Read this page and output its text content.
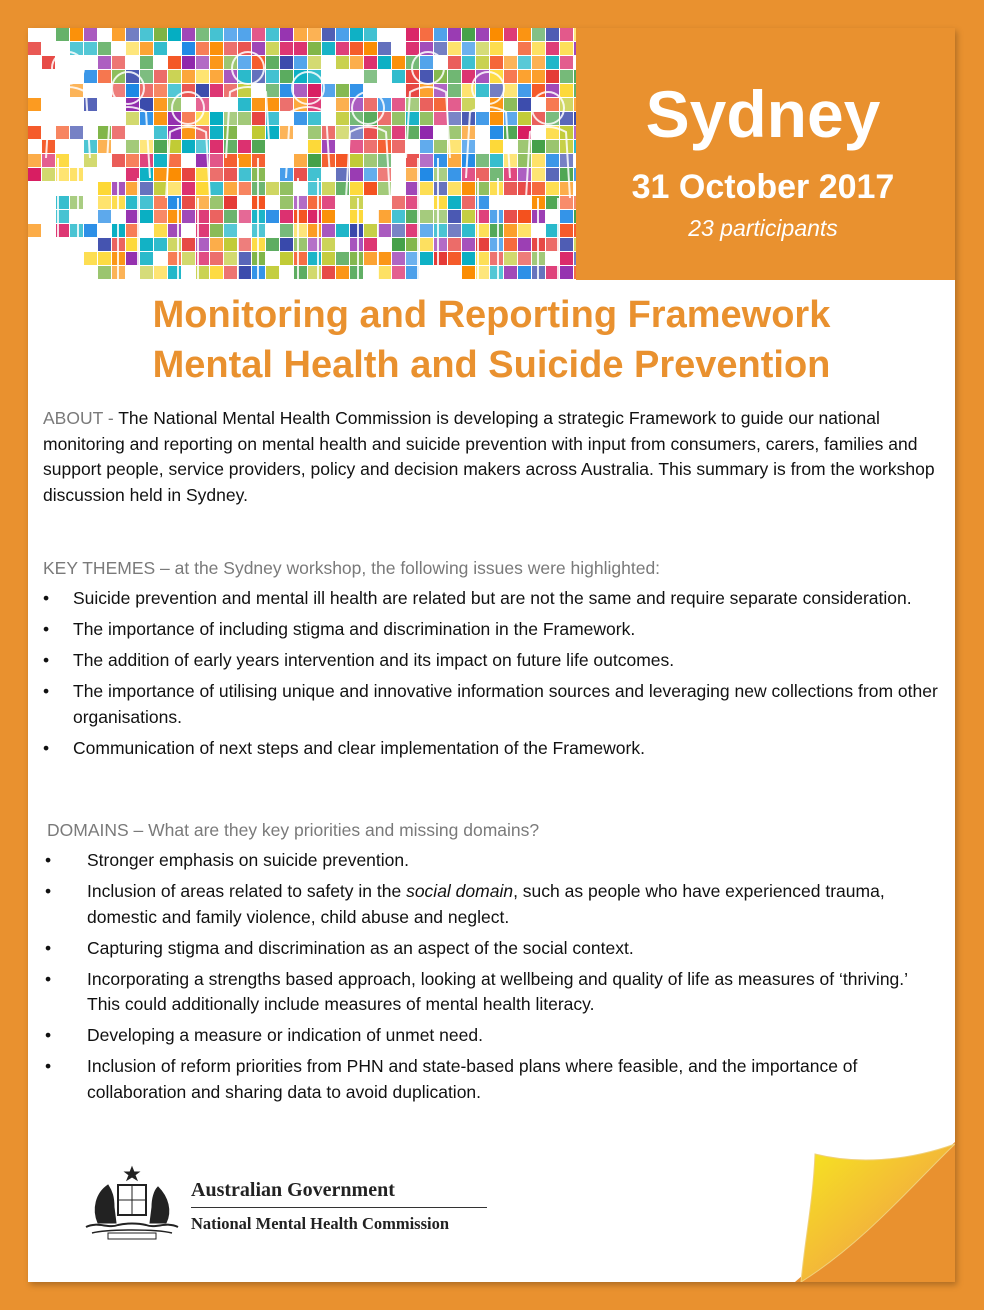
Sydney
31 October 2017
23 participants
Monitoring and Reporting Framework
Mental Health and Suicide Prevention
ABOUT - The National Mental Health Commission is developing a strategic Framework to guide our national monitoring and reporting on mental health and suicide prevention with input from consumers, carers, families and support people, service providers, policy and decision makers across Australia. This summary is from the workshop discussion held in Sydney.
KEY THEMES – at the Sydney workshop, the following issues were highlighted:
• Suicide prevention and mental ill health are related but are not the same and require separate consideration.
• The importance of including stigma and discrimination in the Framework.
• The addition of early years intervention and its impact on future life outcomes.
• The importance of utilising unique and innovative information sources and leveraging new collections from other organisations.
• Communication of next steps and clear implementation of the Framework.
DOMAINS – What are they key priorities and missing domains?
• Stronger emphasis on suicide prevention.
• Inclusion of areas related to safety in the social domain, such as people who have experienced trauma, domestic and family violence, child abuse and neglect.
• Capturing stigma and discrimination as an aspect of the social context.
• Incorporating a strengths based approach, looking at wellbeing and quality of life as measures of ‘thriving.’ This could additionally include measures of mental health literacy.
• Developing a measure or indication of unmet need.
• Inclusion of reform priorities from PHN and state-based plans where feasible, and the importance of collaboration and sharing data to avoid duplication.
Australian Government
National Mental Health Commission
